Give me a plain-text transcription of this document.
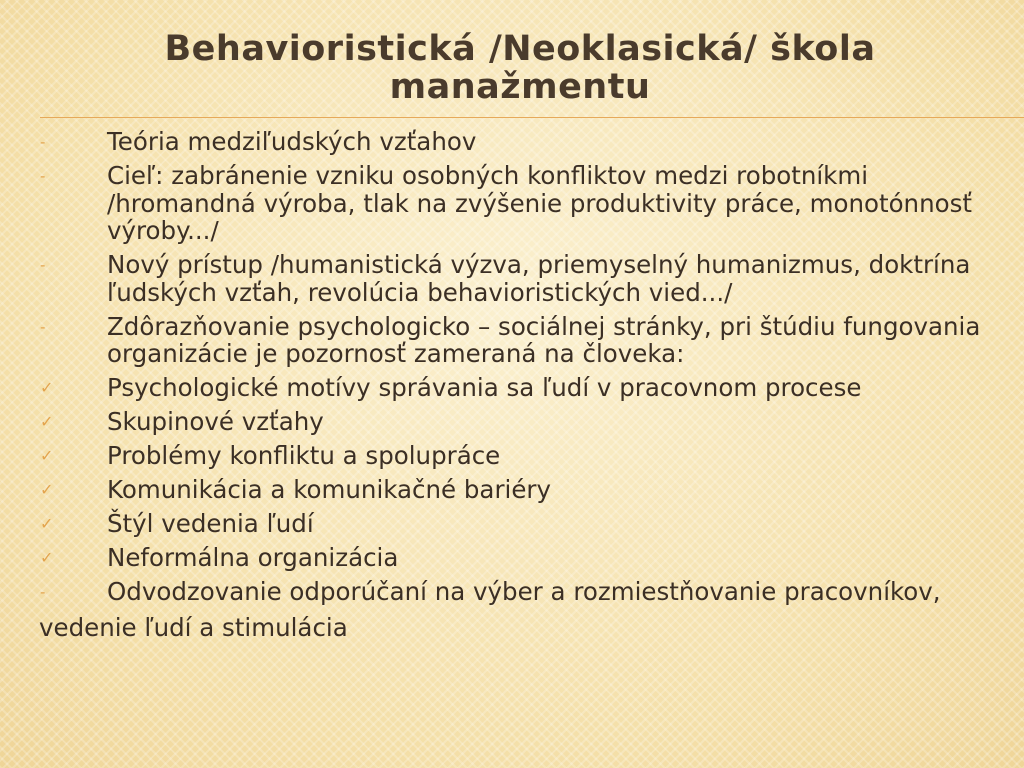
Behavioristická /Neoklasická/ škola
manažmentu
-	Teória medziľudských vzťahov
-	Cieľ: zabránenie vzniku osobných konfliktov medzi robotníkmi /hromandná výroba, tlak na zvýšenie produktivity práce, monotónnosť výroby.../
-	Nový prístup /humanistická výzva, priemyselný humanizmus, doktrína ľudských vzťah, revolúcia behavioristických vied.../
-	Zdôrazňovanie psychologicko – sociálnej stránky, pri štúdiu fungovania organizácie je pozornosť zameraná na človeka:
✓ Psychologické motívy správania sa ľudí v pracovnom procese
✓ Skupinové vzťahy
✓ Problémy konfliktu a spolupráce
✓ Komunikácia a komunikačné bariéry
✓ Štýl vedenia ľudí
✓ Neformálna organizácia
-	Odvodzovanie odporúčaní na výber a rozmiestňovanie pracovníkov,
vedenie ľudí a stimulácia
